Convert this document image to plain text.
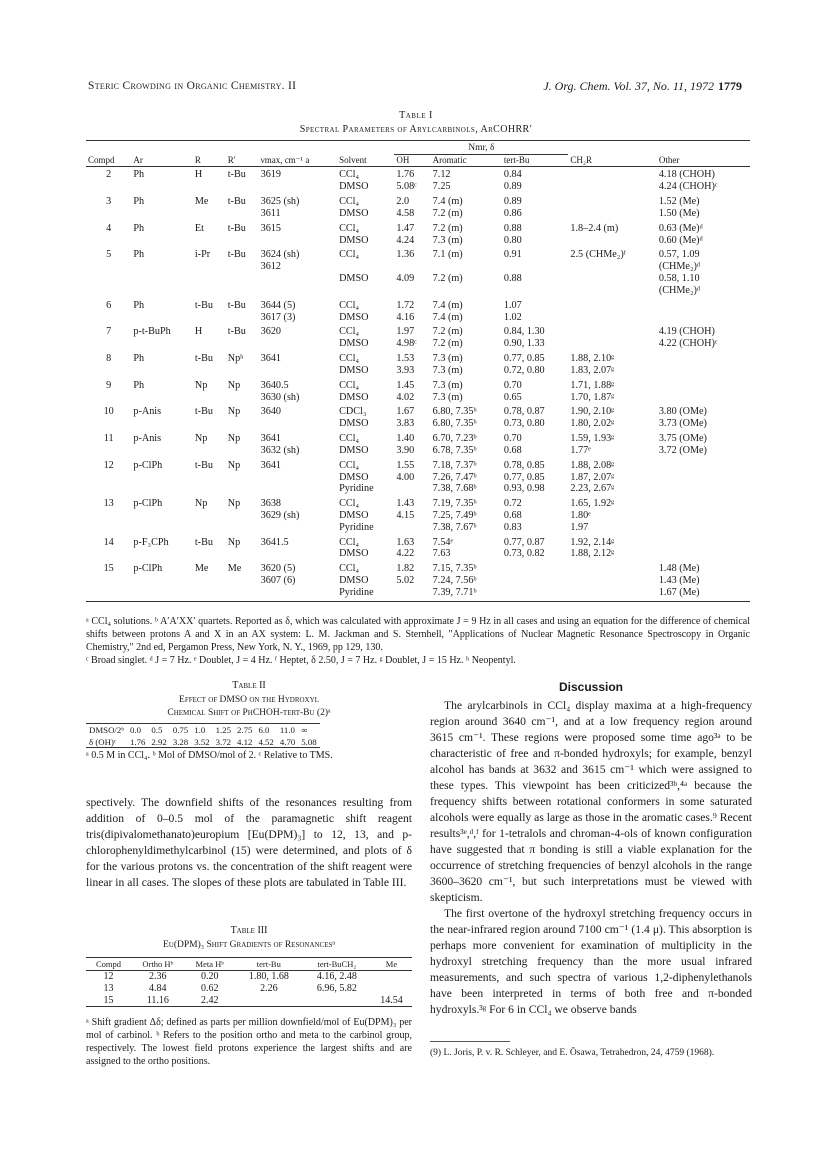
Steric Crowding in Organic Chemistry. II	J. Org. Chem. Vol. 37, No. 11, 1972 1779
Table I
Spectral Parameters of Arylcarbinols, ArCOHRR′
						Nmr, δ				
Compd	Ar	R	R′	νmax, cm⁻¹ a	Solvent	OH	Aromatic	tert-Bu	CH₂R	Other
2	Ph	H	t-Bu	3619	CCl₄	1.76	7.12	0.84		4.18 (CHOH)
					DMSO	5.08ᶜ	7.25	0.89		4.24 (CHOH)ᶜ
3	Ph	Me	t-Bu	3625 (sh)	CCl₄	2.0	7.4 (m)	0.89		1.52 (Me)
				3611	DMSO	4.58	7.2 (m)	0.86		1.50 (Me)
4	Ph	Et	t-Bu	3615	CCl₄	1.47	7.2 (m)	0.88	1.8–2.4 (m)	0.63 (Me)ᵈ
					DMSO	4.24	7.3 (m)	0.80		0.60 (Me)ᵈ
5	Ph	i-Pr	t-Bu	3624 (sh)	CCl₄	1.36	7.1 (m)	0.91	2.5 (CHMe₂)ᶠ	0.57, 1.09
				3612						(CHMe₂)ᵈ
					DMSO	4.09	7.2 (m)	0.88		0.58, 1.10
										(CHMe₂)ᵈ
6	Ph	t-Bu	t-Bu	3644 (5)	CCl₄	1.72	7.4 (m)	1.07		
				3617 (3)	DMSO	4.16	7.4 (m)	1.02		
7	p-t-BuPh	H	t-Bu	3620	CCl₄	1.97	7.2 (m)	0.84, 1.30		4.19 (CHOH)
					DMSO	4.98ᶜ	7.2 (m)	0.90, 1.33		4.22 (CHOH)ᶜ
8	Ph	t-Bu	Npʰ	3641	CCl₄	1.53	7.3 (m)	0.77, 0.85	1.88, 2.10ᵍ	
					DMSO	3.93	7.3 (m)	0.72, 0.80	1.83, 2.07ᵍ	
9	Ph	Np	Np	3640.5	CCl₄	1.45	7.3 (m)	0.70	1.71, 1.88ᵍ	
				3630 (sh)	DMSO	4.02	7.3 (m)	0.65	1.70, 1.87ᵍ	
10	p-Anis	t-Bu	Np	3640	CDCl₃	1.67	6.80, 7.35ᵇ	0.78, 0.87	1.90, 2.10ᵍ	3.80 (OMe)
					DMSO	3.83	6.80, 7.35ᵇ	0.73, 0.80	1.80, 2.02ᵍ	3.73 (OMe)
11	p-Anis	Np	Np	3641	CCl₄	1.40	6.70, 7.23ᵇ	0.70	1.59, 1.93ᵍ	3.75 (OMe)
				3632 (sh)	DMSO	3.90	6.78, 7.35ᵇ	0.68	1.77ᵉ	3.72 (OMe)
12	p-ClPh	t-Bu	Np	3641	CCl₄	1.55	7.18, 7.37ᵇ	0.78, 0.85	1.88, 2.08ᵍ	
					DMSO	4.00	7.26, 7.47ᵇ	0.77, 0.85	1.87, 2.07ᵍ	
					Pyridine		7.38, 7.68ᵇ	0.93, 0.98	2.23, 2.67ᵍ	
13	p-ClPh	Np	Np	3638	CCl₄	1.43	7.19, 7.35ᵇ	0.72	1.65, 1.92ᵍ	
				3629 (sh)	DMSO	4.15	7.25, 7.49ᵇ	0.68	1.80ᵉ	
					Pyridine		7.38, 7.67ᵇ	0.83	1.97	
14	p-F₃CPh	t-Bu	Np	3641.5	CCl₄	1.63	7.54ᵉ	0.77, 0.87	1.92, 2.14ᵍ	
					DMSO	4.22	7.63	0.73, 0.82	1.88, 2.12ᵍ	
15	p-ClPh	Me	Me	3620 (5)	CCl₄	1.82	7.15, 7.35ᵇ			1.48 (Me)
				3607 (6)	DMSO	5.02	7.24, 7.56ᵇ			1.43 (Me)
					Pyridine		7.39, 7.71ᵇ			1.67 (Me)

ᵃ CCl₄ solutions. ᵇ A′A′XX′ quartets. Reported as δ, which was calculated with approximate J = 9 Hz in all cases and using an equation for the difference of chemical shifts between protons A and X in an AX system: L. M. Jackman and S. Sternhell, "Applications of Nuclear Magnetic Resonance Spectroscopy in Organic Chemistry," 2nd ed, Pergamon Press, New York, N. Y., 1969, pp 129, 130.

ᶜ Broad singlet. ᵈ J = 7 Hz. ᵉ Doublet, J = 4 Hz. ᶠ Heptet, δ 2.50, J = 7 Hz. ᵍ Doublet, J = 15 Hz. ʰ Neopentyl.

Table II
Effect of DMSO on the Hydroxyl
Chemical Shift of PhCHOH-tert-Bu (2)ᵃ
DMSO/2ᵇ	0.0	0.5	0.75	1.0	1.25	2.75	6.0	11.0	∞
δ (OH)ᶜ	1.76	2.92	3.28	3.52	3.72	4.12	4.52	4.70	5.08
ᵃ 0.5 M in CCl₄. ᵇ Mol of DMSO/mol of 2. ᶜ Relative to TMS.

spectively. The downfield shifts of the resonances resulting from addition of 0–0.5 mol of the paramagnetic shift reagent tris(dipivalomethanato)europium [Eu(DPM)₃] to 12, 13, and p-chlorophenyldimethylcarbinol (15) were determined, and plots of δ for the various protons vs. the concentration of the shift reagent were linear in all cases. The slopes of these plots are tabulated in Table III.

Table III
Eu(DPM)₃ Shift Gradients of Resonancesᵃ
Compd	Ortho Hᵇ	Meta Hᵇ	tert-Bu	tert-BuCH₂	Me
12	2.36	0.20	1.80, 1.68	4.16, 2.48	
13	4.84	0.62	2.26	6.96, 5.82	
15	11.16	2.42			14.54
ᵃ Shift gradient Δδ; defined as parts per million downfield/mol of Eu(DPM)₃ per mol of carbinol. ᵇ Refers to the position ortho and meta to the carbinol group, respectively. The lowest field protons experience the largest shifts and are assigned to the ortho positions.
Discussion

The arylcarbinols in CCl₄ display maxima at a high-frequency region around 3640 cm⁻¹, and at a low frequency region around 3615 cm⁻¹. These regions were proposed some time ago³ᵃ to be characteristic of free and π-bonded hydroxyls; for example, benzyl alcohol has bands at 3632 and 3615 cm⁻¹ which were assigned to these types. This viewpoint has been criticized³ᵇ,⁴ᵃ because the frequency shifts between rotational conformers in some saturated alcohols were equally as large as those in the aromatic cases.⁹ Recent results³ᵉ,ᵈ,ᶠ for 1-tetralols and chroman-4-ols of known configuration have suggested that π bonding is still a viable explanation for the occurrence of stretching frequencies of benzyl alcohols in the range 3600–3620 cm⁻¹, but such interpretations must be viewed with skepticism.

The first overtone of the hydroxyl stretching frequency occurs in the near-infrared region around 7100 cm⁻¹ (1.4 μ). This absorption is perhaps more convenient for examination of multiplicity in the hydroxyl stretching frequency than the more usual infrared measurements, and such spectra of various 1,2-diphenylethanols have been interpreted in terms of both free and π-bonded hydroxyls.³ᵍ For 6 in CCl₄ we observe bands

(9) L. Joris, P. v. R. Schleyer, and E. Ōsawa, Tetrahedron, 24, 4759 (1968).
